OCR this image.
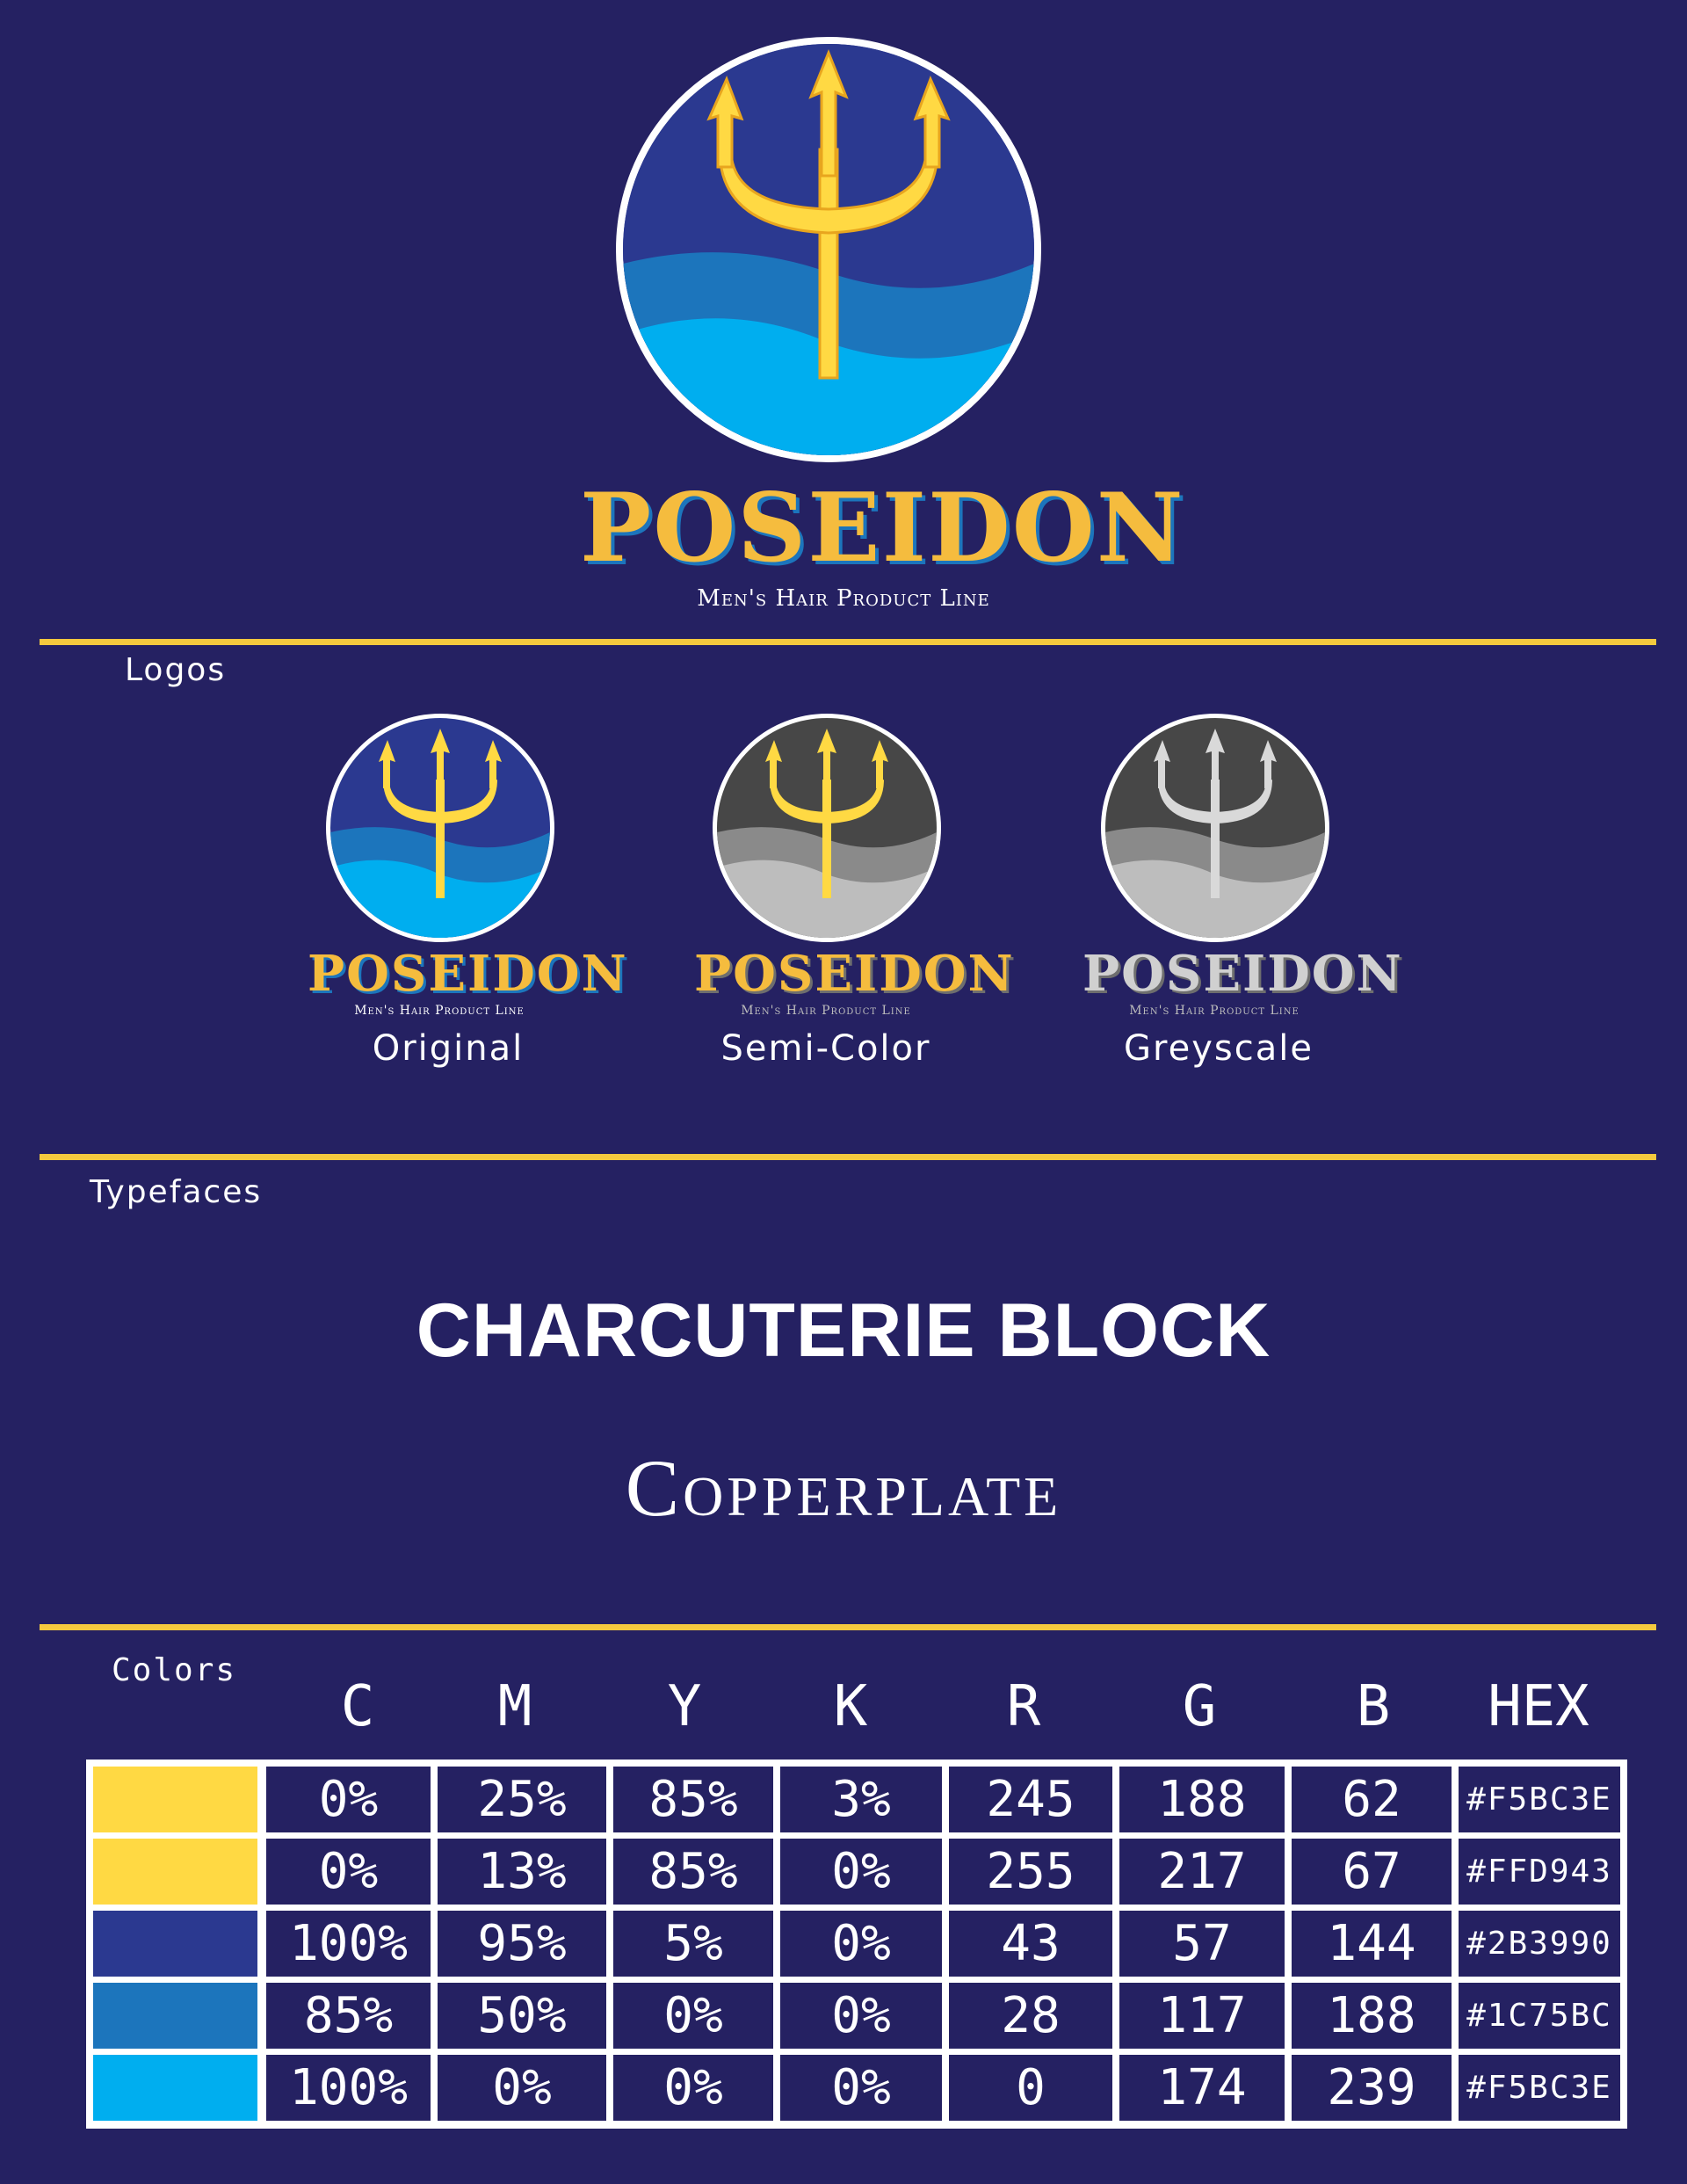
POSEIDON
Men's Hair Product Line
Logos
POSEIDON
Men's Hair Product Line
Original
POSEIDON
Men's Hair Product Line
Semi-Color
POSEIDON
Men's Hair Product Line
Greyscale
Typefaces
CHARCUTERIE BLOCK
Copperplate
Colors
C	M	Y	K	R	G	B	HEX
0%	25%	85%	3%	245	188	62	#F5BC3E
0%	13%	85%	0%	255	217	67	#FFD943
100%	95%	5%	0%	43	57	144	#2B3990
85%	50%	0%	0%	28	117	188	#1C75BC
100%	0%	0%	0%	0	174	239	#F5BC3E
